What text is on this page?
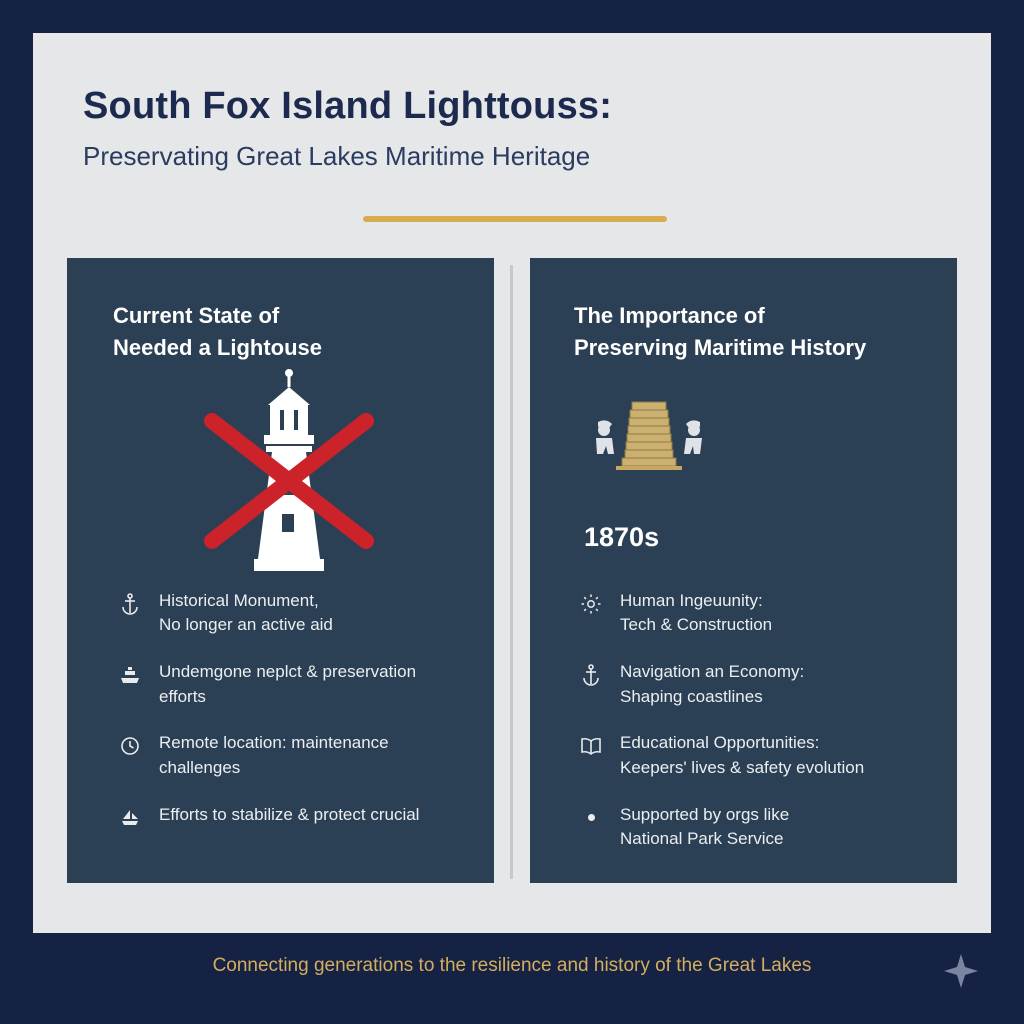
South Fox Island Lighttouss:
Preservating Great Lakes Maritime Heritage
Current State of
Needed a Lightouse
Historical Monument,
No longer an active aid
Undemgone neplct & preservation efforts
Remote location: maintenance challenges
Efforts to stabilize & protect crucial
The Importance of
Preserving Maritime History
1870s
Human Ingeuunity:
Tech & Construction
Navigation an Economy:
Shaping coastlines
Educational Opportunities:
Keepers' lives & safety evolution
Supported by orgs like
National Park Service
Connecting generations to the resilience and history of the Great Lakes
